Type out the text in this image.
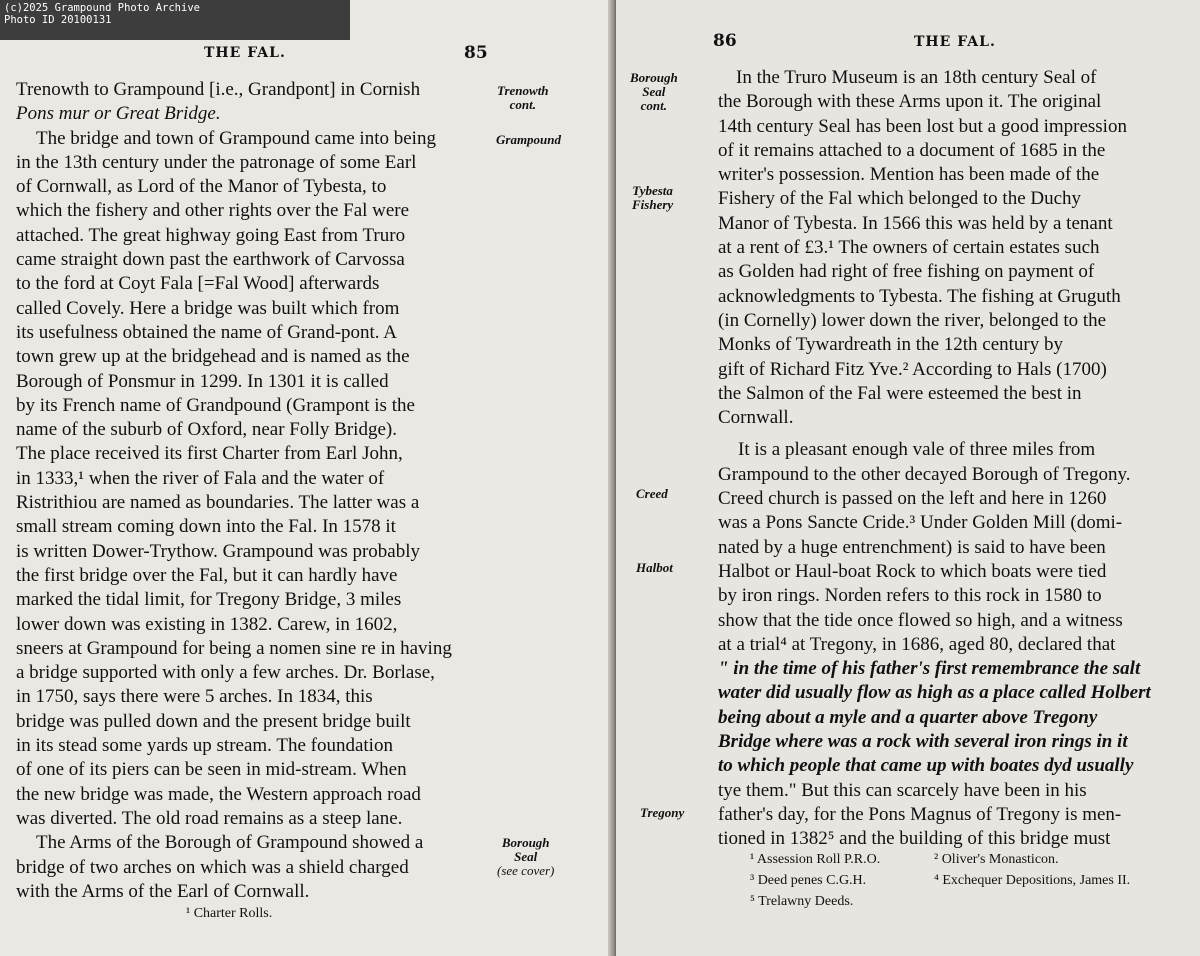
(c)2025 Grampound Photo Archive
Photo ID 20100131
THE FAL.	85
Trenowth to Grampound [i.e., Grandpont] in Cornish
Pons mur or Great Bridge.
The bridge and town of Grampound came into being
in the 13th century under the patronage of some Earl
of Cornwall, as Lord of the Manor of Tybesta, to
which the fishery and other rights over the Fal were
attached. The great highway going East from Truro
came straight down past the earthwork of Carvossa
to the ford at Coyt Fala [=Fal Wood] afterwards
called Covely. Here a bridge was built which from
its usefulness obtained the name of Grand-pont. A
town grew up at the bridgehead and is named as the
Borough of Ponsmur in 1299. In 1301 it is called
by its French name of Grandpound (Grampont is the
name of the suburb of Oxford, near Folly Bridge).
The place received its first Charter from Earl John,
in 1333,¹ when the river of Fala and the water of
Ristrithiou are named as boundaries. The latter was a
small stream coming down into the Fal. In 1578 it
is written Dower-Trythow. Grampound was probably
the first bridge over the Fal, but it can hardly have
marked the tidal limit, for Tregony Bridge, 3 miles
lower down was existing in 1382. Carew, in 1602,
sneers at Grampound for being a nomen sine re in having
a bridge supported with only a few arches. Dr. Borlase,
in 1750, says there were 5 arches. In 1834, this
bridge was pulled down and the present bridge built
in its stead some yards up stream. The foundation
of one of its piers can be seen in mid-stream. When
the new bridge was made, the Western approach road
was diverted. The old road remains as a steep lane.
The Arms of the Borough of Grampound showed a
bridge of two arches on which was a shield charged
with the Arms of the Earl of Cornwall.
Trenowth
cont.
Grampound
Borough
Seal
(see cover)
¹ Charter Rolls.
86	THE FAL.
Borough
Seal
cont.
Tybesta
Fishery
Creed
Halbot
Tregony
In the Truro Museum is an 18th century Seal of
the Borough with these Arms upon it. The original
14th century Seal has been lost but a good impression
of it remains attached to a document of 1685 in the
writer's possession. Mention has been made of the
Fishery of the Fal which belonged to the Duchy
Manor of Tybesta. In 1566 this was held by a tenant
at a rent of £3.¹ The owners of certain estates such
as Golden had right of free fishing on payment of
acknowledgments to Tybesta. The fishing at Gruguth
(in Cornelly) lower down the river, belonged to the
Monks of Tywardreath in the 12th century by
gift of Richard Fitz Yve.² According to Hals (1700)
the Salmon of the Fal were esteemed the best in
Cornwall.
It is a pleasant enough vale of three miles from
Grampound to the other decayed Borough of Tregony.
Creed church is passed on the left and here in 1260
was a Pons Sancte Cride.³ Under Golden Mill (domi-
nated by a huge entrenchment) is said to have been
Halbot or Haul-boat Rock to which boats were tied
by iron rings. Norden refers to this rock in 1580 to
show that the tide once flowed so high, and a witness
at a trial⁴ at Tregony, in 1686, aged 80, declared that
" in the time of his father's first remembrance the salt
water did usually flow as high as a place called Holbert
being about a myle and a quarter above Tregony
Bridge where was a rock with several iron rings in it
to which people that came up with boates dyd usually
tye them." But this can scarcely have been in his
father's day, for the Pons Magnus of Tregony is men-
tioned in 1382⁵ and the building of this bridge must
¹ Assession Roll P.R.O.	² Oliver's Monasticon.
³ Deed penes C.G.H.	⁴ Exchequer Depositions, James II.
⁵ Trelawny Deeds.
